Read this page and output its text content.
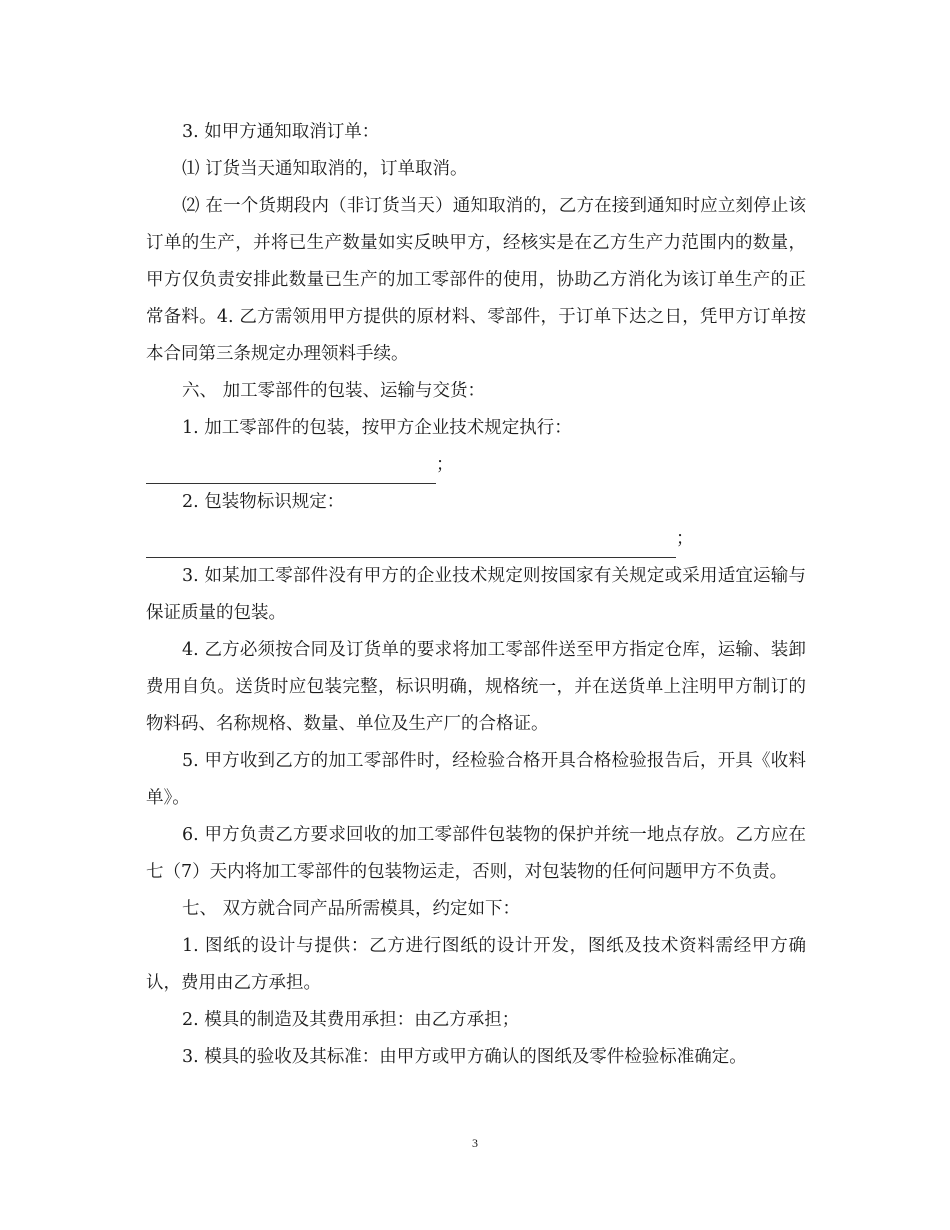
3. 如甲方通知取消订单：

⑴ 订货当天通知取消的，订单取消。

⑵ 在一个货期段内（非订货当天）通知取消的，乙方在接到通知时应立刻停止该订单的生产，并将已生产数量如实反映甲方，经核实是在乙方生产力范围内的数量，甲方仅负责安排此数量已生产的加工零部件的使用，协助乙方消化为该订单生产的正常备料。4. 乙方需领用甲方提供的原材料、零部件，于订单下达之日，凭甲方订单按本合同第三条规定办理领料手续。

六、 加工零部件的包装、运输与交货：

1. 加工零部件的包装，按甲方企业技术规定执行：

；

2. 包装物标识规定：

；

3. 如某加工零部件没有甲方的企业技术规定则按国家有关规定或采用适宜运输与保证质量的包装。

4. 乙方必须按合同及订货单的要求将加工零部件送至甲方指定仓库，运输、装卸费用自负。送货时应包装完整，标识明确，规格统一，并在送货单上注明甲方制订的物料码、名称规格、数量、单位及生产厂的合格证。

5. 甲方收到乙方的加工零部件时，经检验合格开具合格检验报告后，开具《收料单》。

6. 甲方负责乙方要求回收的加工零部件包装物的保护并统一地点存放。乙方应在七（7）天内将加工零部件的包装物运走，否则，对包装物的任何问题甲方不负责。

七、 双方就合同产品所需模具，约定如下：

1. 图纸的设计与提供：乙方进行图纸的设计开发，图纸及技术资料需经甲方确认，费用由乙方承担。

2. 模具的制造及其费用承担：由乙方承担；

3. 模具的验收及其标准：由甲方或甲方确认的图纸及零件检验标准确定。

3
